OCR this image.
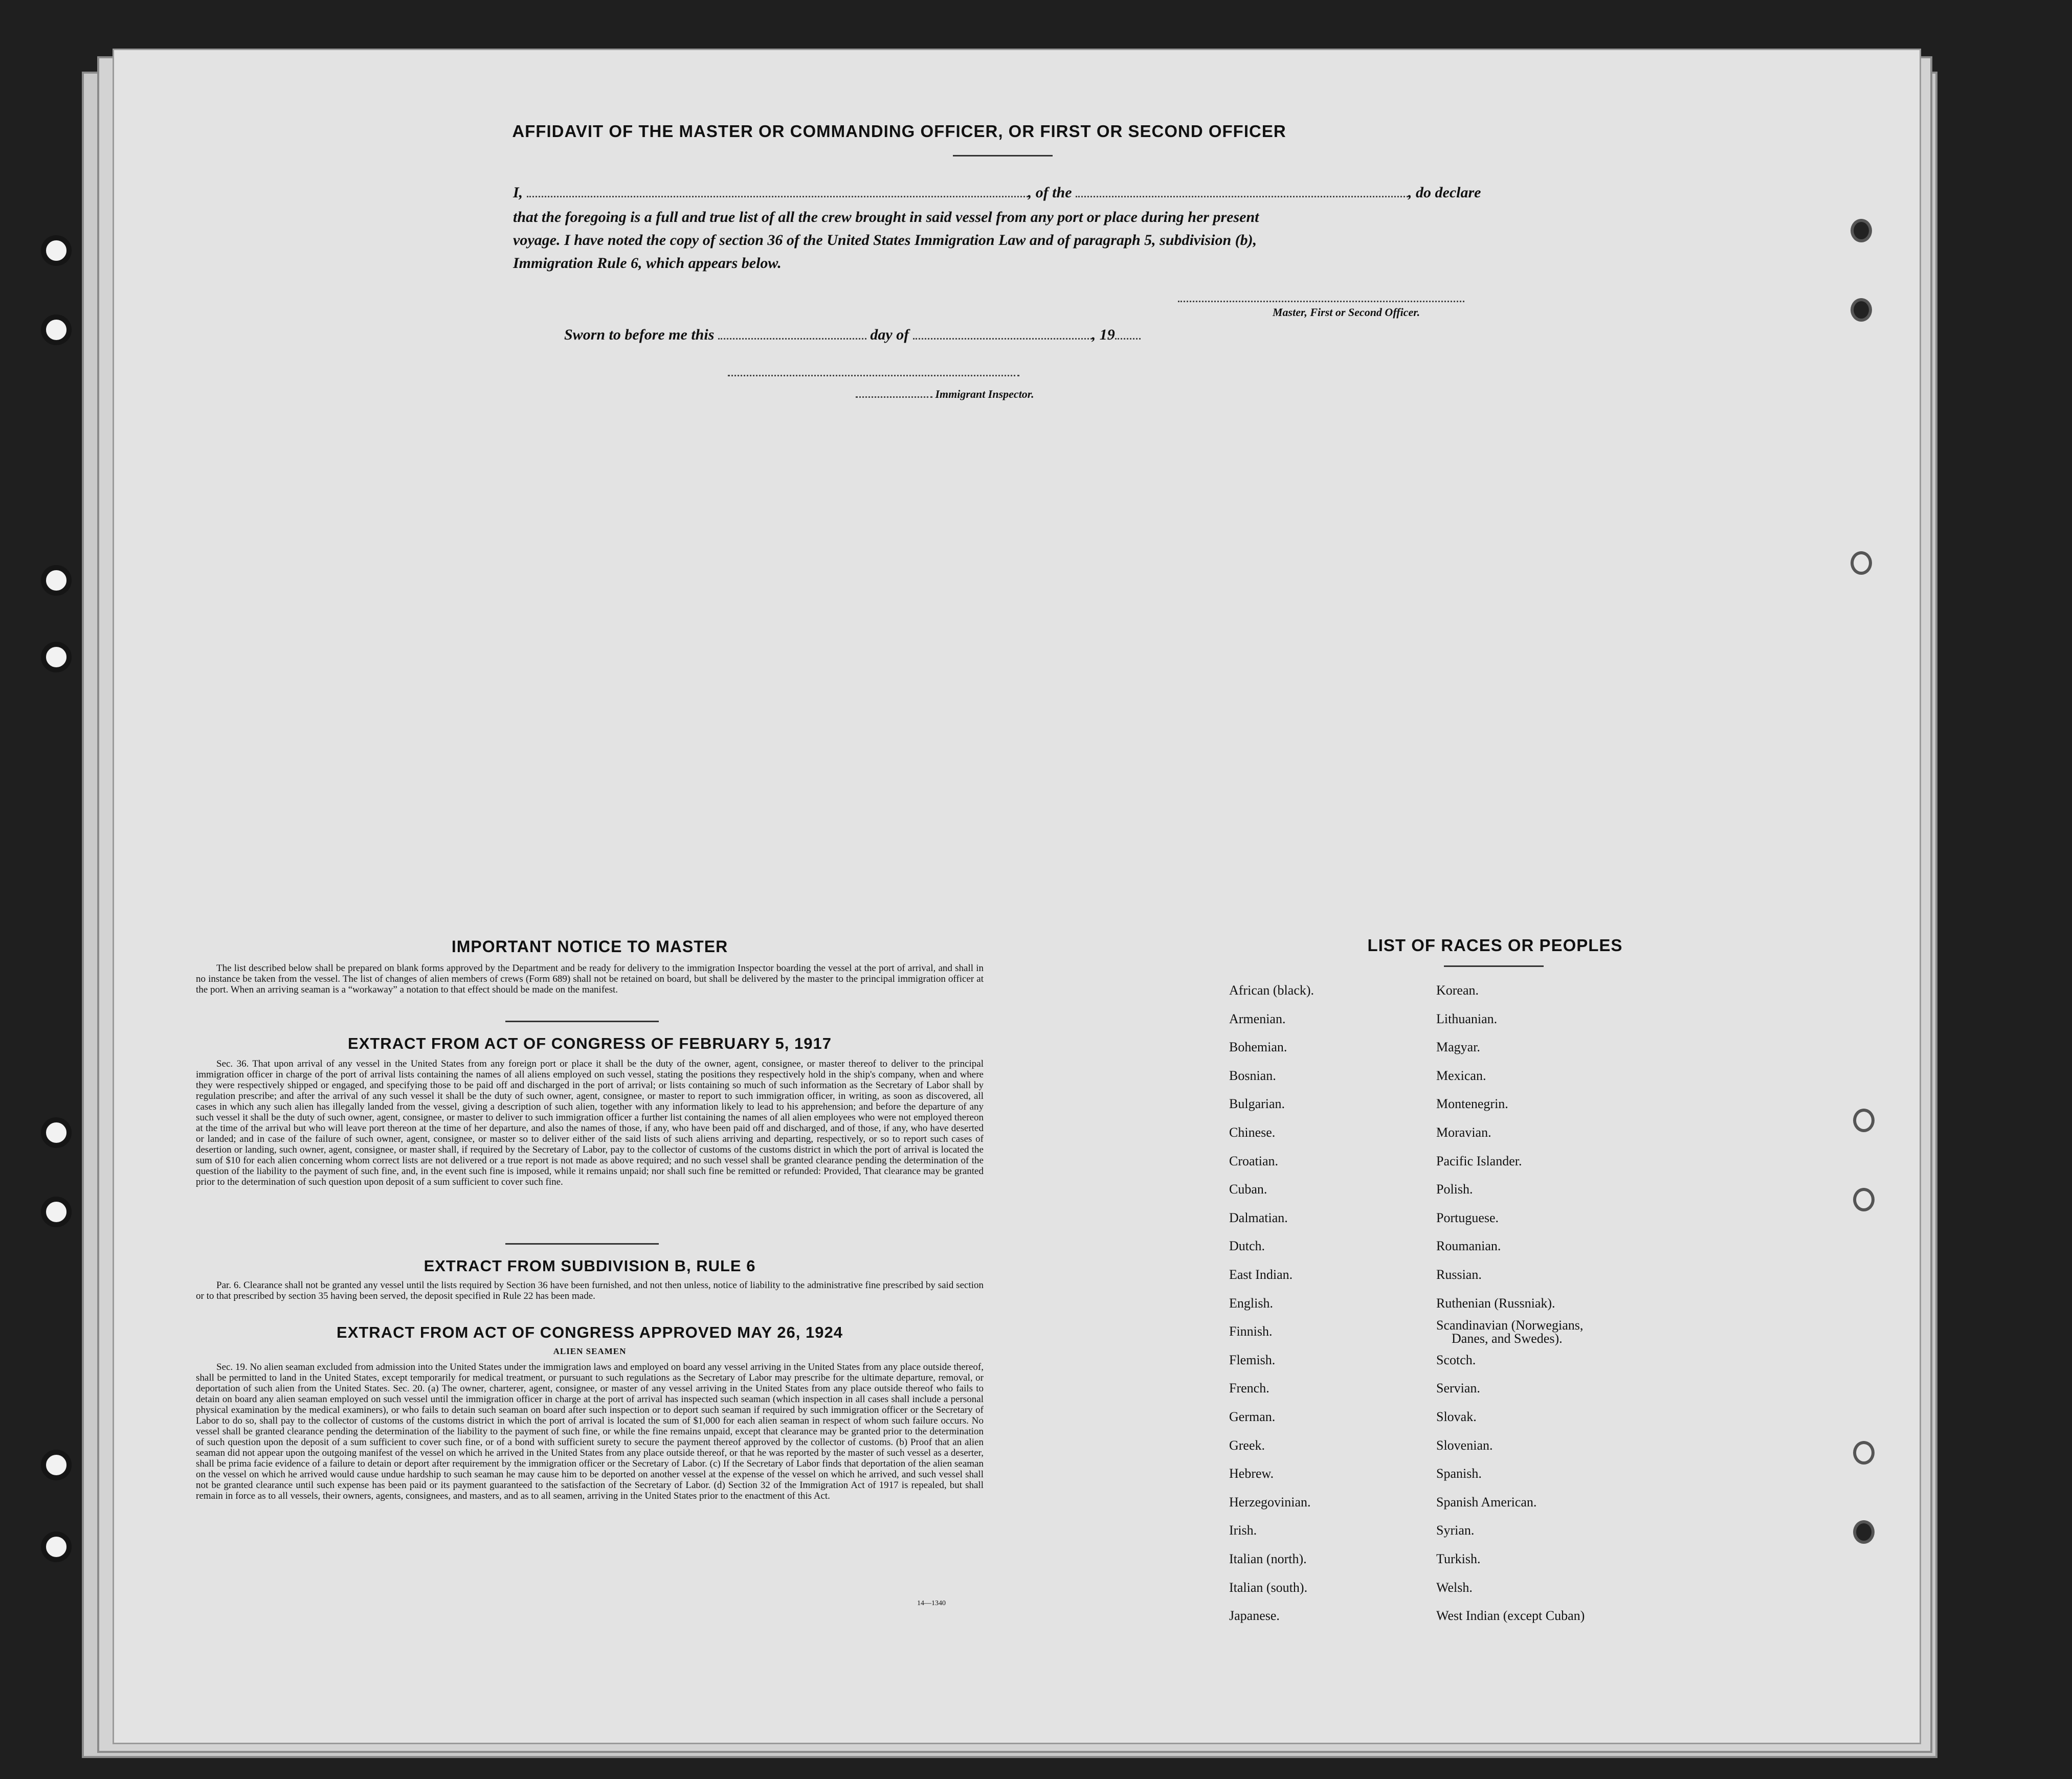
AFFIDAVIT OF THE MASTER OR COMMANDING OFFICER, OR FIRST OR SECOND OFFICER
I,	, of the	, do declare
that the foregoing is a full and true list of all the crew brought in said vessel from any port or place during her present
voyage. I have noted the copy of section 36 of the United States Immigration Law and of paragraph 5, subdivision (b),
Immigration Rule 6, which appears below.
Master, First or Second Officer.
Sworn to before me this	day of	, 19
Immigrant Inspector.
IMPORTANT NOTICE TO MASTER
The list described below shall be prepared on blank forms approved by the Department and be ready for delivery to the immigration Inspector boarding the vessel at the port of arrival, and shall in no instance be taken from the vessel. The list of changes of alien members of crews (Form 689) shall not be retained on board, but shall be delivered by the master to the principal immigration officer at the port. When an arriving seaman is a “workaway” a notation to that effect should be made on the manifest.
EXTRACT FROM ACT OF CONGRESS OF FEBRUARY 5, 1917
Sec. 36. That upon arrival of any vessel in the United States from any foreign port or place it shall be the duty of the owner, agent, consignee, or master thereof to deliver to the principal immigration officer in charge of the port of arrival lists containing the names of all aliens employed on such vessel, stating the positions they respectively hold in the ship's company, when and where they were respectively shipped or engaged, and specifying those to be paid off and discharged in the port of arrival; or lists containing so much of such information as the Secretary of Labor shall by regulation prescribe; and after the arrival of any such vessel it shall be the duty of such owner, agent, consignee, or master to report to such immigration officer, in writing, as soon as discovered, all cases in which any such alien has illegally landed from the vessel, giving a description of such alien, together with any information likely to lead to his apprehension; and before the departure of any such vessel it shall be the duty of such owner, agent, consignee, or master to deliver to such immigration officer a further list containing the names of all alien employees who were not employed thereon at the time of the arrival but who will leave port thereon at the time of her departure, and also the names of those, if any, who have been paid off and discharged, and of those, if any, who have deserted or landed; and in case of the failure of such owner, agent, consignee, or master so to deliver either of the said lists of such aliens arriving and departing, respectively, or so to report such cases of desertion or landing, such owner, agent, consignee, or master shall, if required by the Secretary of Labor, pay to the collector of customs of the customs district in which the port of arrival is located the sum of $10 for each alien concerning whom correct lists are not delivered or a true report is not made as above required; and no such vessel shall be granted clearance pending the determination of the question of the liability to the payment of such fine, and, in the event such fine is imposed, while it remains unpaid; nor shall such fine be remitted or refunded: Provided, That clearance may be granted prior to the determination of such question upon deposit of a sum sufficient to cover such fine.
EXTRACT FROM SUBDIVISION B, RULE 6
Par. 6. Clearance shall not be granted any vessel until the lists required by Section 36 have been furnished, and not then unless, notice of liability to the administrative fine prescribed by said section or to that prescribed by section 35 having been served, the deposit specified in Rule 22 has been made.
EXTRACT FROM ACT OF CONGRESS APPROVED MAY 26, 1924
ALIEN SEAMEN
Sec. 19. No alien seaman excluded from admission into the United States under the immigration laws and employed on board any vessel arriving in the United States from any place outside thereof, shall be permitted to land in the United States, except temporarily for medical treatment, or pursuant to such regulations as the Secretary of Labor may prescribe for the ultimate departure, removal, or deportation of such alien from the United States. Sec. 20. (a) The owner, charterer, agent, consignee, or master of any vessel arriving in the United States from any place outside thereof who fails to detain on board any alien seaman employed on such vessel until the immigration officer in charge at the port of arrival has inspected such seaman (which inspection in all cases shall include a personal physical examination by the medical examiners), or who fails to detain such seaman on board after such inspection or to deport such seaman if required by such immigration officer or the Secretary of Labor to do so, shall pay to the collector of customs of the customs district in which the port of arrival is located the sum of $1,000 for each alien seaman in respect of whom such failure occurs. No vessel shall be granted clearance pending the determination of the liability to the payment of such fine, or while the fine remains unpaid, except that clearance may be granted prior to the determination of such question upon the deposit of a sum sufficient to cover such fine, or of a bond with sufficient surety to secure the payment thereof approved by the collector of customs. (b) Proof that an alien seaman did not appear upon the outgoing manifest of the vessel on which he arrived in the United States from any place outside thereof, or that he was reported by the master of such vessel as a deserter, shall be prima facie evidence of a failure to detain or deport after requirement by the immigration officer or the Secretary of Labor. (c) If the Secretary of Labor finds that deportation of the alien seaman on the vessel on which he arrived would cause undue hardship to such seaman he may cause him to be deported on another vessel at the expense of the vessel on which he arrived, and such vessel shall not be granted clearance until such expense has been paid or its payment guaranteed to the satisfaction of the Secretary of Labor. (d) Section 32 of the Immigration Act of 1917 is repealed, but shall remain in force as to all vessels, their owners, agents, consignees, and masters, and as to all seamen, arriving in the United States prior to the enactment of this Act.
14—1340
LIST OF RACES OR PEOPLES
African (black).
Armenian.
Bohemian.
Bosnian.
Bulgarian.
Chinese.
Croatian.
Cuban.
Dalmatian.
Dutch.
East Indian.
English.
Finnish.
Flemish.
French.
German.
Greek.
Hebrew.
Herzegovinian.
Irish.
Italian (north).
Italian (south).
Japanese.
Korean.
Lithuanian.
Magyar.
Mexican.
Montenegrin.
Moravian.
Pacific Islander.
Polish.
Portuguese.
Roumanian.
Russian.
Ruthenian (Russniak).
Scandinavian (Norwegians,
Scotch.
Servian.
Slovak.
Slovenian.
Spanish.
Spanish American.
Syrian.
Turkish.
Welsh.
West Indian (except Cuban)
Danes, and Swedes).
